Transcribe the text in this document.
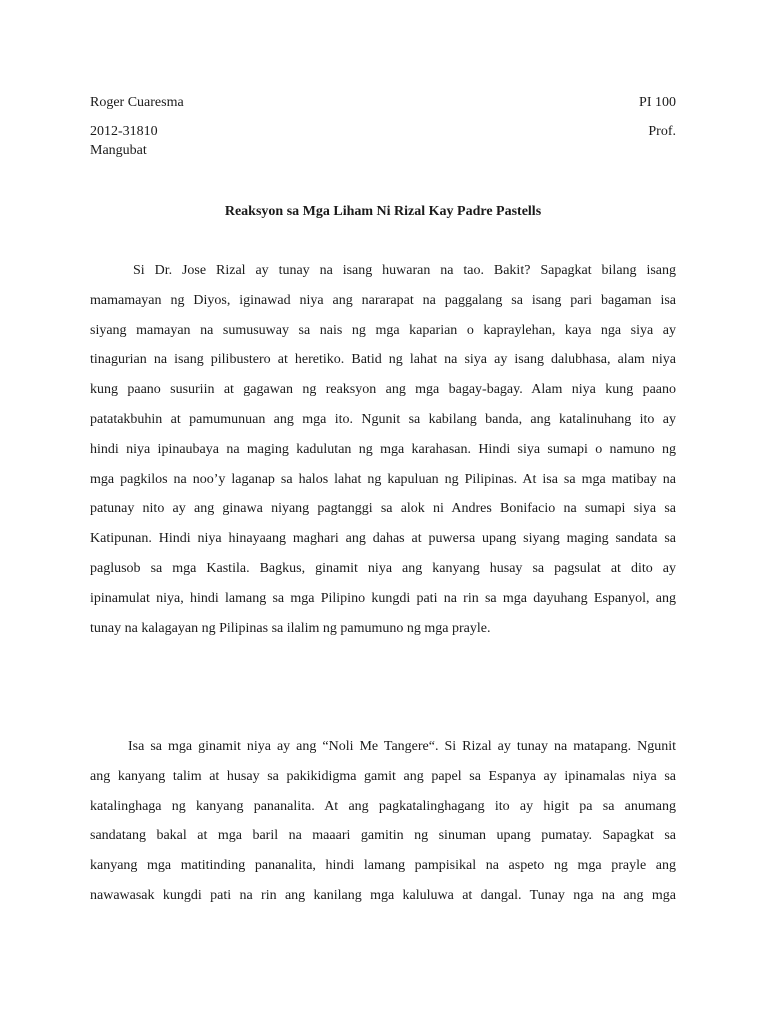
Roger Cuaresma	PI 100
2012-31810	Prof.
Mangubat
Reaksyon sa Mga Liham Ni Rizal Kay Padre Pastells
Si Dr. Jose Rizal ay tunay na isang huwaran na tao. Bakit? Sapagkat bilang isang
mamamayan ng Diyos, iginawad niya ang nararapat na paggalang sa isang pari bagaman isa
siyang mamayan na sumusuway sa nais ng mga kaparian o kapraylehan, kaya nga siya ay
tinagurian na isang pilibustero at heretiko. Batid ng lahat na siya ay isang dalubhasa, alam niya
kung paano susuriin at gagawan ng reaksyon ang mga bagay-bagay. Alam niya kung paano
patatakbuhin at pamumunuan ang mga ito. Ngunit sa kabilang banda, ang katalinuhang ito ay
hindi niya ipinaubaya na maging kadulutan ng mga karahasan. Hindi siya sumapi o namuno ng
mga pagkilos na noo’y laganap sa halos lahat ng kapuluan ng Pilipinas. At isa sa mga matibay na
patunay nito ay ang ginawa niyang pagtanggi sa alok ni Andres Bonifacio na sumapi siya sa
Katipunan. Hindi niya hinayaang maghari ang dahas at puwersa upang siyang maging sandata sa
paglusob sa mga Kastila. Bagkus, ginamit niya ang kanyang husay sa pagsulat at dito ay
ipinamulat niya, hindi lamang sa mga Pilipino kungdi pati na rin sa mga dayuhang Espanyol, ang
tunay na kalagayan ng Pilipinas sa ilalim ng pamumuno ng mga prayle.
Isa sa mga ginamit niya ay ang “Noli Me Tangere“. Si Rizal ay tunay na matapang. Ngunit
ang kanyang talim at husay sa pakikidigma gamit ang papel sa Espanya ay ipinamalas niya sa
katalinghaga ng kanyang pananalita. At ang pagkatalinghagang ito ay higit pa sa anumang
sandatang bakal at mga baril na maaari gamitin ng sinuman upang pumatay. Sapagkat sa
kanyang mga matitinding pananalita, hindi lamang pampisikal na aspeto ng mga prayle ang
nawawasak kungdi pati na rin ang kanilang mga kaluluwa at dangal. Tunay nga na ang mga
